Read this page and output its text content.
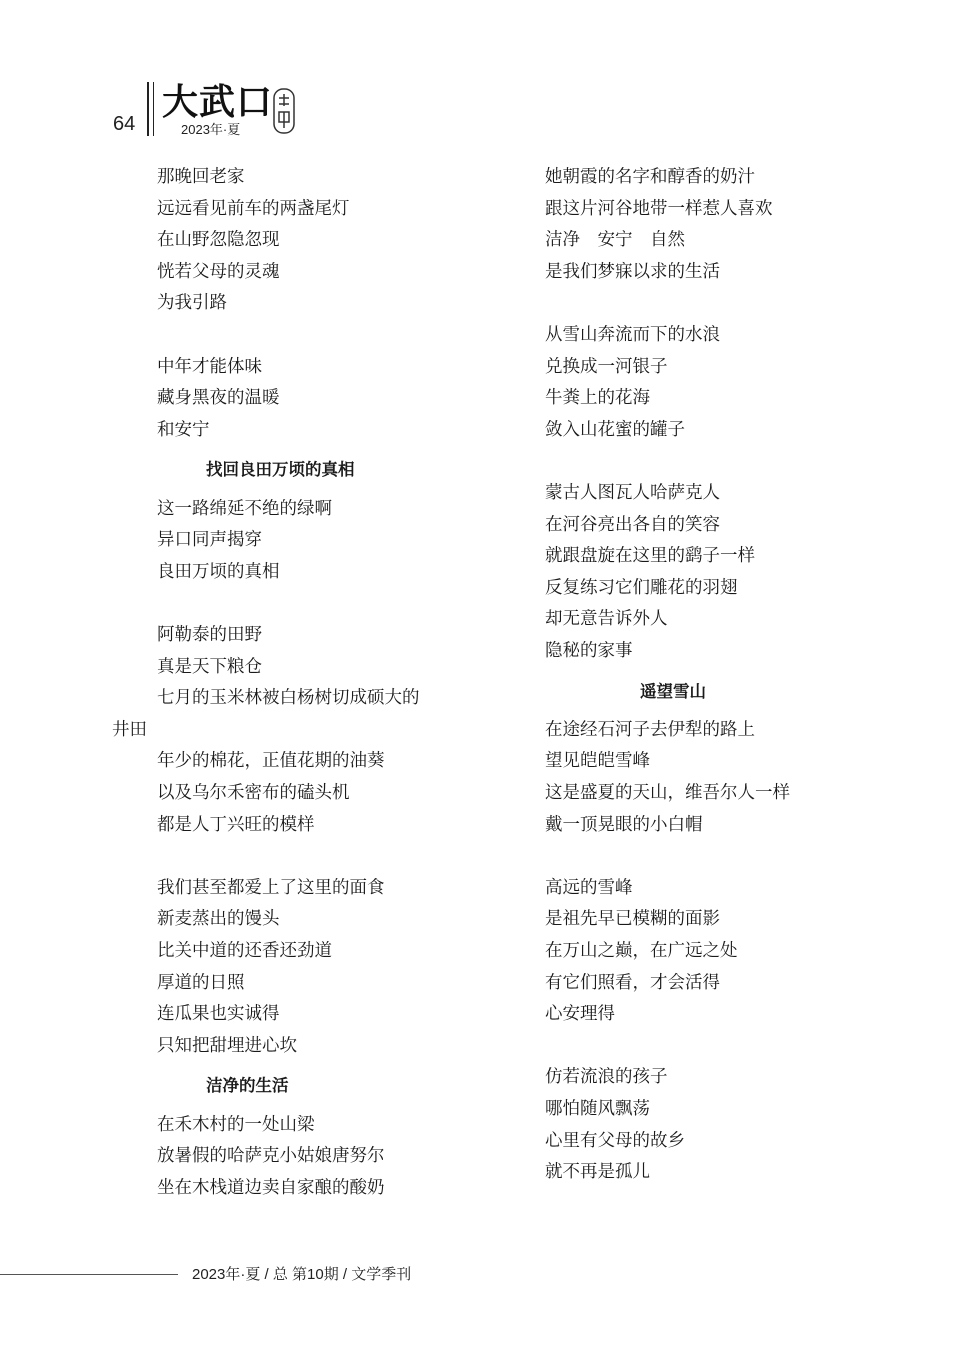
64
大武口
2023年·夏
那晚回老家
远远看见前车的两盏尾灯
在山野忽隐忽现
恍若父母的灵魂
为我引路
中年才能体味
藏身黑夜的温暖
和安宁
找回良田万顷的真相
这一路绵延不绝的绿啊
异口同声揭穿
良田万顷的真相
阿勒泰的田野
真是天下粮仓
七月的玉米林被白杨树切成硕大的
井田
年少的棉花，正值花期的油葵
以及乌尔禾密布的磕头机
都是人丁兴旺的模样
我们甚至都爱上了这里的面食
新麦蒸出的馒头
比关中道的还香还劲道
厚道的日照
连瓜果也实诚得
只知把甜埋进心坎
洁净的生活
在禾木村的一处山梁
放暑假的哈萨克小姑娘唐努尔
坐在木栈道边卖自家酿的酸奶
她朝霞的名字和醇香的奶汁
跟这片河谷地带一样惹人喜欢
洁净　安宁　自然
是我们梦寐以求的生活
从雪山奔流而下的水浪
兑换成一河银子
牛粪上的花海
敛入山花蜜的罐子
蒙古人图瓦人哈萨克人
在河谷亮出各自的笑容
就跟盘旋在这里的鹞子一样
反复练习它们雕花的羽翅
却无意告诉外人
隐秘的家事
遥望雪山
在途经石河子去伊犁的路上
望见皑皑雪峰
这是盛夏的天山，维吾尔人一样
戴一顶晃眼的小白帽
高远的雪峰
是祖先早已模糊的面影
在万山之巅，在广远之处
有它们照看，才会活得
心安理得
仿若流浪的孩子
哪怕随风飘荡
心里有父母的故乡
就不再是孤儿
2023年·夏 / 总 第10期 / 文学季刊
